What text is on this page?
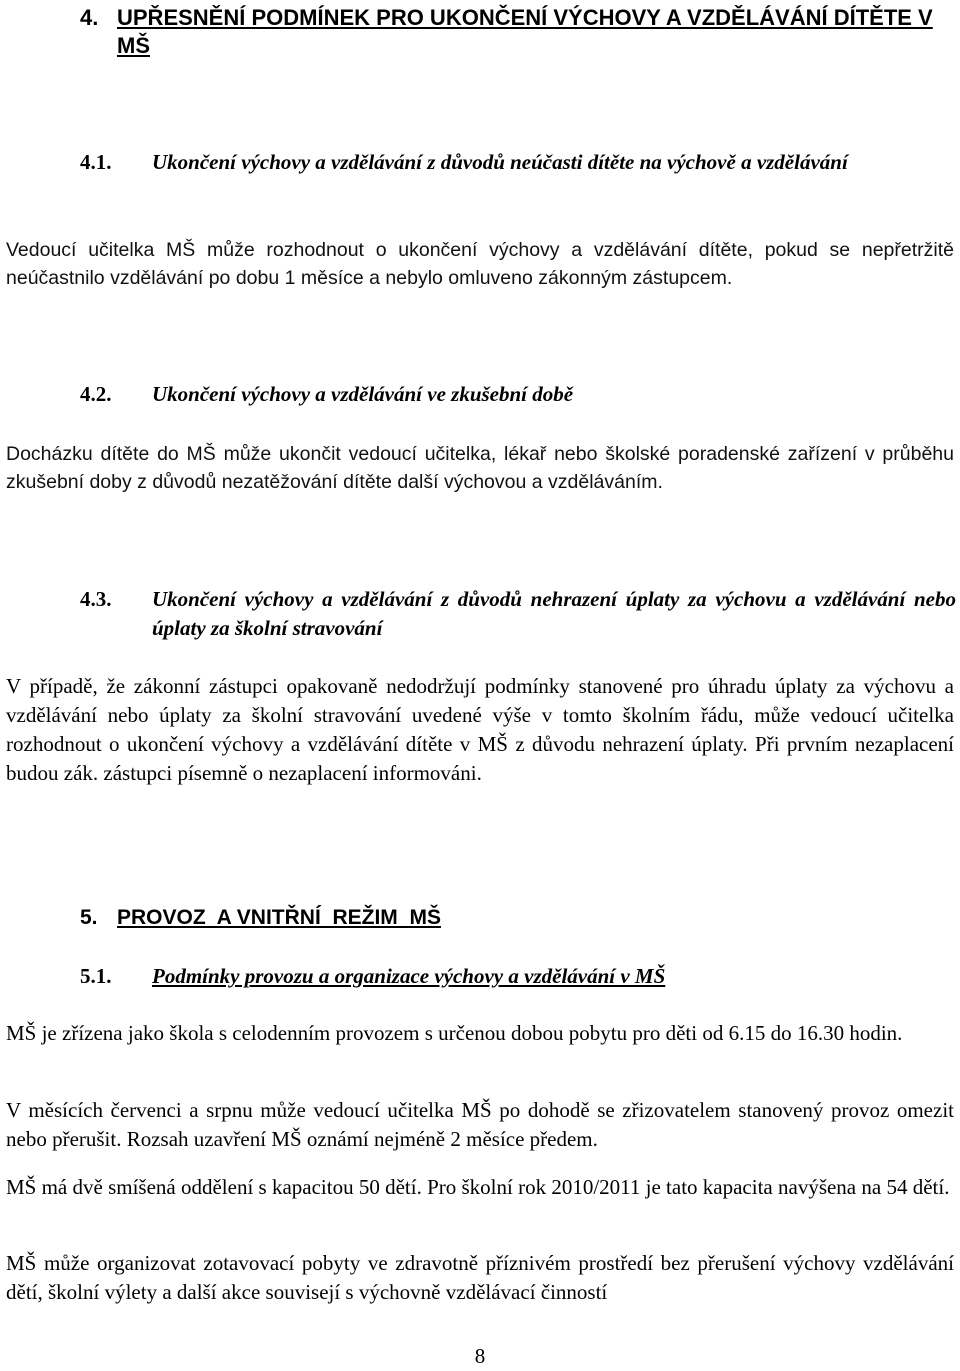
4. UPŘESNĚNÍ PODMÍNEK PRO UKONČENÍ VÝCHOVY A VZDĚLÁVÁNÍ DÍTĚTE V MŠ
4.1. Ukončení výchovy a vzdělávání z důvodů neúčasti dítěte na výchově a vzdělávání

Vedoucí učitelka MŠ může rozhodnout o ukončení výchovy a vzdělávání dítěte, pokud se nepřetržitě neúčastnilo vzdělávání po dobu 1 měsíce a nebylo omluveno zákonným zástupcem.

4.2. Ukončení výchovy a vzdělávání ve zkušební době

Docházku dítěte do MŠ může ukončit vedoucí učitelka, lékař nebo školské poradenské zařízení v průběhu zkušební doby z důvodů nezatěžování dítěte další výchovou a vzděláváním.

4.3. Ukončení výchovy a vzdělávání z důvodů nehrazení úplaty za výchovu a vzdělávání nebo úplaty za školní stravování

V případě, že zákonní zástupci opakovaně nedodržují podmínky stanovené pro úhradu úplaty za výchovu a vzdělávání nebo úplaty za školní stravování uvedené výše v tomto školním řádu, může vedoucí učitelka rozhodnout o ukončení výchovy a vzdělávání dítěte v MŠ z důvodu nehrazení úplaty. Při prvním nezaplacení budou zák. zástupci písemně o nezaplacení informováni.

5. PROVOZ  A VNITŘNÍ  REŽIM  MŠ
5.1. Podmínky provozu a organizace výchovy a vzdělávání v MŠ

MŠ je zřízena jako škola s celodenním provozem s určenou dobou pobytu pro děti od 6.15 do 16.30 hodin.

V měsících červenci a srpnu může vedoucí učitelka MŠ po dohodě se zřizovatelem stanovený provoz omezit nebo přerušit. Rozsah uzavření MŠ oznámí nejméně 2 měsíce předem.

MŠ má dvě smíšená oddělení s kapacitou 50 dětí. Pro školní rok 2010/2011 je tato kapacita navýšena na 54 dětí.

MŠ může organizovat zotavovací pobyty ve zdravotně příznivém prostředí bez přerušení výchovy vzdělávání dětí, školní výlety a další akce souvisejí s výchovně vzdělávací činností

8
